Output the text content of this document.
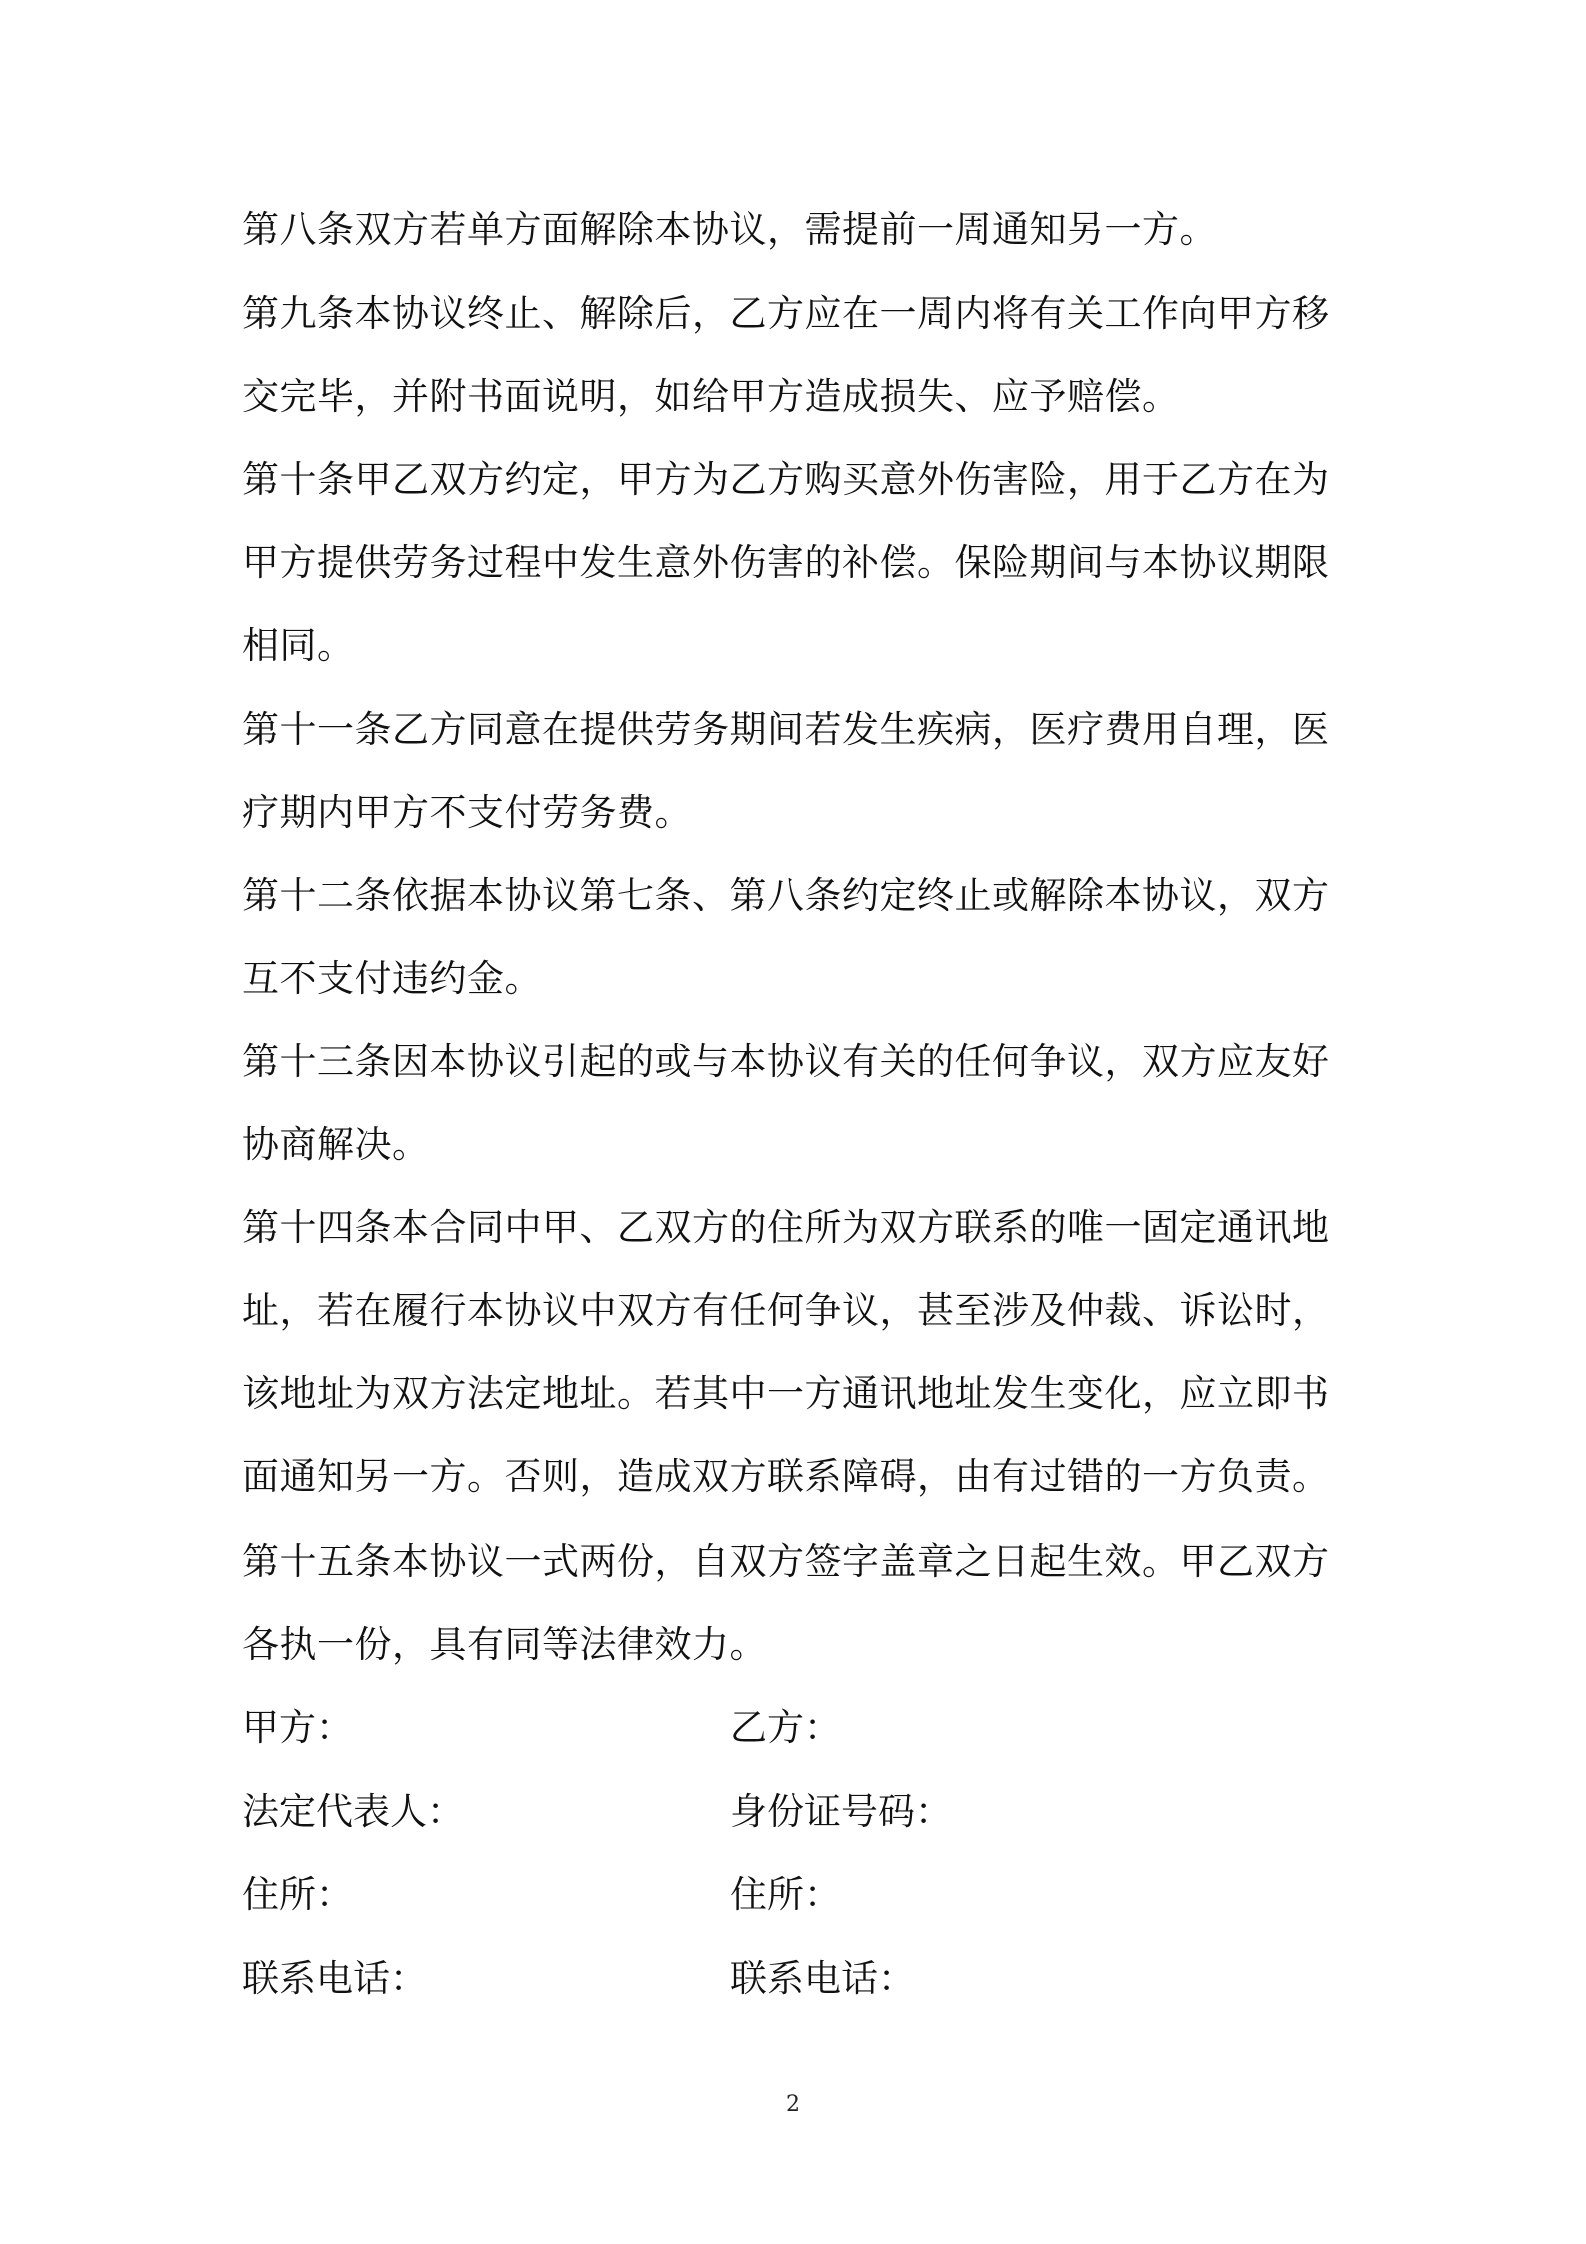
第八条双方若单方面解除本协议，需提前一周通知另一方。

第九条本协议终止、解除后，乙方应在一周内将有关工作向甲方移交完毕，并附书面说明，如给甲方造成损失、应予赔偿。

第十条甲乙双方约定，甲方为乙方购买意外伤害险，用于乙方在为甲方提供劳务过程中发生意外伤害的补偿。保险期间与本协议期限相同。

第十一条乙方同意在提供劳务期间若发生疾病，医疗费用自理，医疗期内甲方不支付劳务费。

第十二条依据本协议第七条、第八条约定终止或解除本协议，双方互不支付违约金。

第十三条因本协议引起的或与本协议有关的任何争议，双方应友好协商解决。

第十四条本合同中甲、乙双方的住所为双方联系的唯一固定通讯地址，若在履行本协议中双方有任何争议，甚至涉及仲裁、诉讼时，该地址为双方法定地址。若其中一方通讯地址发生变化，应立即书面通知另一方。否则，造成双方联系障碍，由有过错的一方负责。

第十五条本协议一式两份，自双方签字盖章之日起生效。甲乙双方各执一份，具有同等法律效力。

甲方：	乙方：

法定代表人：	身份证号码：

住所：	住所：

联系电话：	联系电话：

2
